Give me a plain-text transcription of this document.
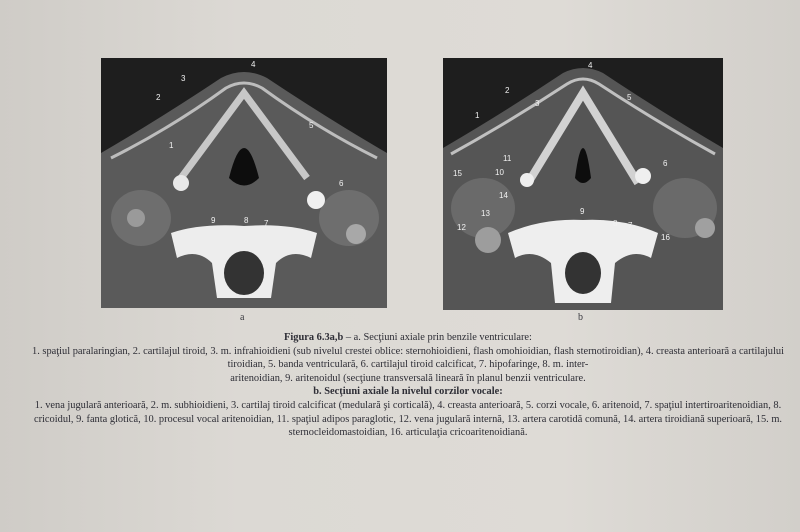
1
2
3
4
5
6
7
8
9
a
1
2
3
4
5
6
7
8
9
10
11
12
13
14
15
16
b

Figura 6.3a,b – a. Secţiuni axiale prin benzile ventriculare:

1. spaţiul paralaringian, 2. cartilajul tiroid, 3. m. infrahioidieni (sub nivelul crestei oblice: sternohioidieni, flash omohioidian, flash sternotiroidian), 4. creasta anterioară a cartilajului tiroidian, 5. banda ventriculară, 6. cartilajul tiroid calcificat, 7. hipofaringe, 8. m. inter-

aritenoidian, 9. aritenoidul (secţiune transversală lineară în planul benzii ventriculare.

b. Secţiuni axiale la nivelul corzilor vocale:

1. vena jugulară anterioară, 2. m. subhioidieni, 3. cartilaj tiroid calcificat (medulară şi corticală), 4. creasta anterioară, 5. corzi vocale, 6. aritenoid, 7. spaţiul intertiroaritenoidian, 8. cricoidul, 9. fanta glotică, 10. procesul vocal aritenoidian, 11. spaţiul adipos paraglotic, 12. vena jugulară internă, 13. artera carotidă comună, 14. artera tiroidiană superioară, 15. m. sternocleidomastoidian, 16. articulaţia cricoaritenoidiană.
